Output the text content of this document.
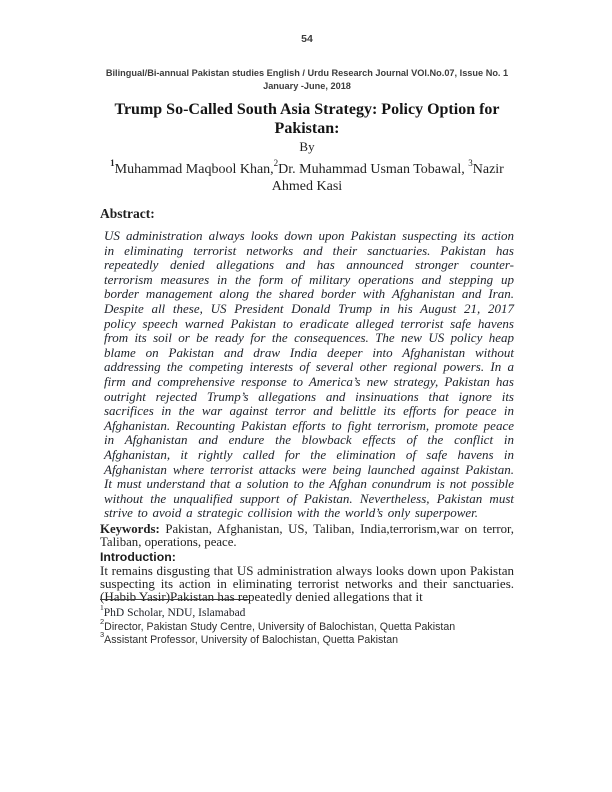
54
Bilingual/Bi-annual Pakistan studies English / Urdu Research Journal VOl.No.07, Issue No. 1
January -June, 2018
Trump So-Called South Asia Strategy: Policy Option for
Pakistan:
By
$^1$Muhammad Maqbool Khan,$^2$Dr. Muhammad Usman Tobawal, $^3$Nazir Ahmed Kasi
Abstract:
US administration always looks down upon Pakistan suspecting its action in eliminating terrorist networks and their sanctuaries. Pakistan has repeatedly denied allegations and has announced stronger counter-terrorism measures in the form of military operations and stepping up border management along the shared border with Afghanistan and Iran. Despite all these, US President Donald Trump in his August 21, 2017 policy speech warned Pakistan to eradicate alleged terrorist safe havens from its soil or be ready for the consequences. The new US policy heap blame on Pakistan and draw India deeper into Afghanistan without addressing the competing interests of several other regional powers. In a firm and comprehensive response to America’s new strategy, Pakistan has outright rejected Trump’s allegations and insinuations that ignore its sacrifices in the war against terror and belittle its efforts for peace in Afghanistan. Recounting Pakistan efforts to fight terrorism, promote peace in Afghanistan and endure the blowback effects of the conflict in Afghanistan, it rightly called for the elimination of safe havens in Afghanistan where terrorist attacks were being launched against Pakistan. It must understand that a solution to the Afghan conundrum is not possible without the unqualified support of Pakistan. Nevertheless, Pakistan must strive to avoid a strategic collision with the world’s only superpower.
Keywords: Pakistan, Afghanistan, US, Taliban, India,terrorism,war on terror, Taliban, operations, peace.
Introduction:
It remains disgusting that US administration always looks down upon Pakistan suspecting its action in eliminating terrorist networks and their sanctuaries. (Habib Yasir)Pakistan has repeatedly denied allegations that it
$^1$PhD Scholar, NDU, Islamabad
$^2$Director, Pakistan Study Centre, University of Balochistan, Quetta Pakistan
$^3$Assistant Professor, University of Balochistan, Quetta Pakistan
